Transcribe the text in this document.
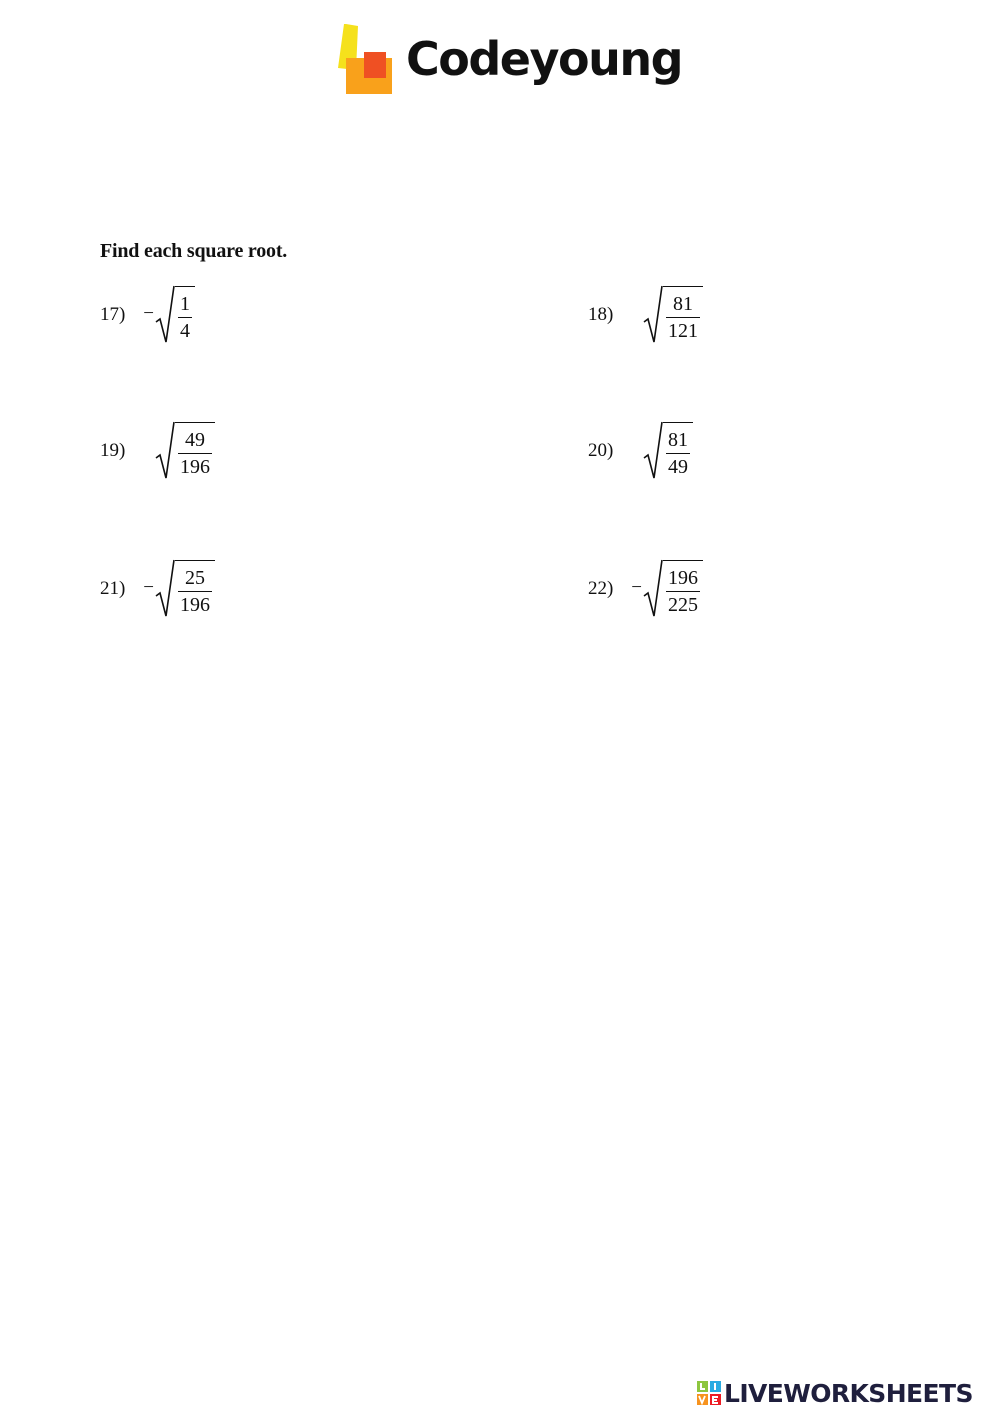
Codeyoung
Find each square root.
$17) - \frac{1}{4}$	18)	$\frac{81}{121}$
19)	$\frac{49}{196}$	20)	$\frac{81}{49}$
$21) - \frac{25}{196}$	$22) - \frac{196}{225}$
LIVEWORKSHEETS
